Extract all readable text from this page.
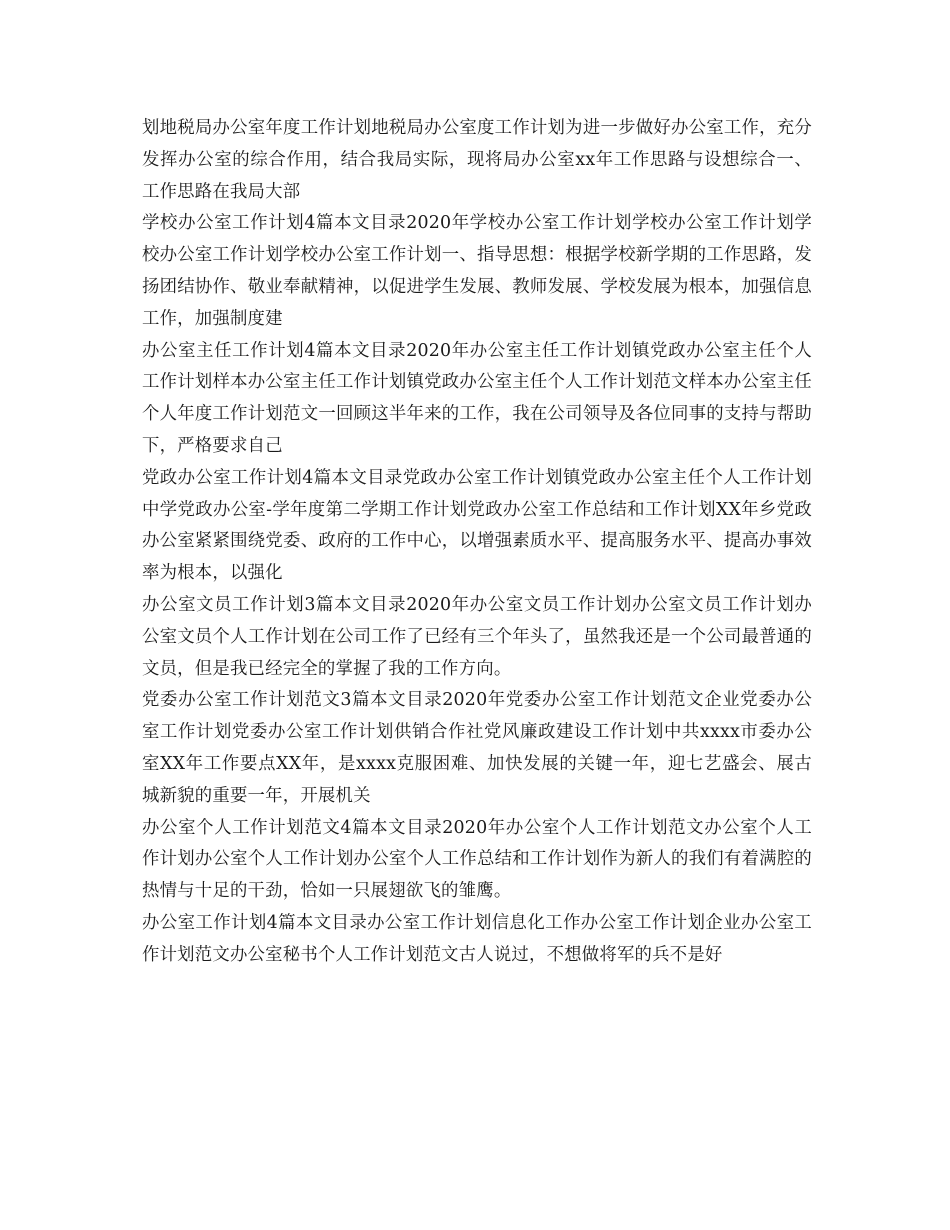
划地税局办公室年度工作计划地税局办公室度工作计划为进一步做好办公室工作，充分发挥办公室的综合作用，结合我局实际，现将局办公室xx年工作思路与设想综合一、工作思路在我局大部

学校办公室工作计划4篇本文目录2020年学校办公室工作计划学校办公室工作计划学校办公室工作计划学校办公室工作计划一、指导思想：根据学校新学期的工作思路，发扬团结协作、敬业奉献精神，以促进学生发展、教师发展、学校发展为根本，加强信息工作，加强制度建

办公室主任工作计划4篇本文目录2020年办公室主任工作计划镇党政办公室主任个人工作计划样本办公室主任工作计划镇党政办公室主任个人工作计划范文样本办公室主任个人年度工作计划范文一回顾这半年来的工作，我在公司领导及各位同事的支持与帮助下，严格要求自己

党政办公室工作计划4篇本文目录党政办公室工作计划镇党政办公室主任个人工作计划中学党政办公室-学年度第二学期工作计划党政办公室工作总结和工作计划XX年乡党政办公室紧紧围绕党委、政府的工作中心，以增强素质水平、提高服务水平、提高办事效率为根本，以强化

办公室文员工作计划3篇本文目录2020年办公室文员工作计划办公室文员工作计划办公室文员个人工作计划在公司工作了已经有三个年头了，虽然我还是一个公司最普通的文员，但是我已经完全的掌握了我的工作方向。

党委办公室工作计划范文3篇本文目录2020年党委办公室工作计划范文企业党委办公室工作计划党委办公室工作计划供销合作社党风廉政建设工作计划中共xxxx市委办公室XX年工作要点XX年，是xxxx克服困难、加快发展的关键一年，迎七艺盛会、展古城新貌的重要一年，开展机关

办公室个人工作计划范文4篇本文目录2020年办公室个人工作计划范文办公室个人工作计划办公室个人工作计划办公室个人工作总结和工作计划作为新人的我们有着满腔的热情与十足的干劲，恰如一只展翅欲飞的雏鹰。

办公室工作计划4篇本文目录办公室工作计划信息化工作办公室工作计划企业办公室工作计划范文办公室秘书个人工作计划范文古人说过，不想做将军的兵不是好
